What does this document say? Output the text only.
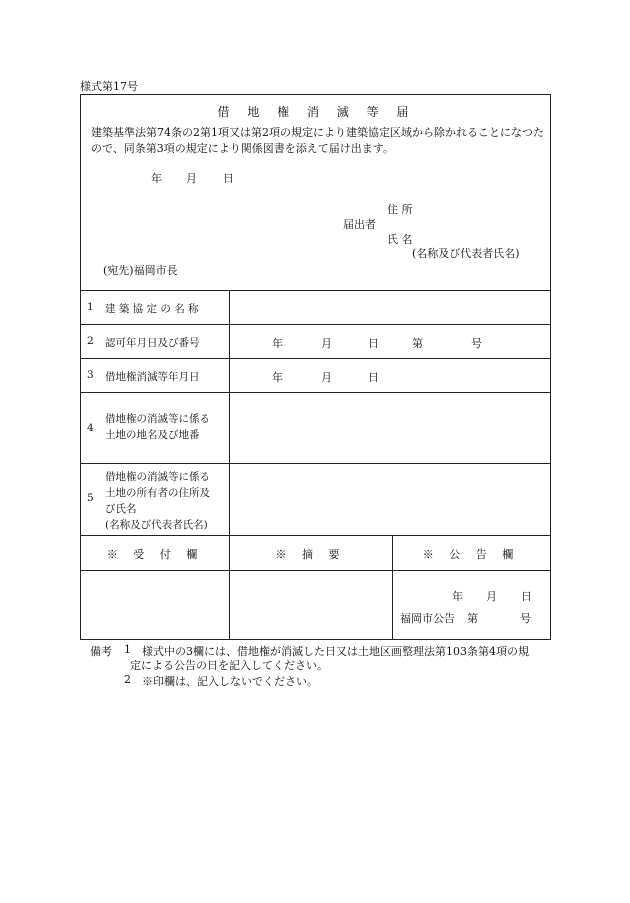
様式第17号
借 地 権 消 滅 等 届
建築基準法第74条の2第1項又は第2項の規定により建築協定区域から除かれることになつたので、同条第3項の規定により関係図書を添えて届け出ます。
年 月 日
住 所
届出者
氏 名
(名称及び代表者氏名)
(宛先)福岡市長
1 建 築 協 定 の 名 称
2 認可年月日及び番号	年	月	日	第	号
3 借地権消滅等年月日	年	月	日
4
借地権の消滅等に係る
土地の地名及び地番
5
借地権の消滅等に係る
土地の所有者の住所及
び氏名
(名称及び代表者氏名)
※ 受 付 欄	※ 摘 要	※ 公 告 欄
年 月 日
福岡市公告 第	号
備考 1 様式中の3欄には、借地権が消滅した日又は土地区画整理法第103条第4項の規
定による公告の日を記入してください。
2 ※印欄は、記入しないでください。
